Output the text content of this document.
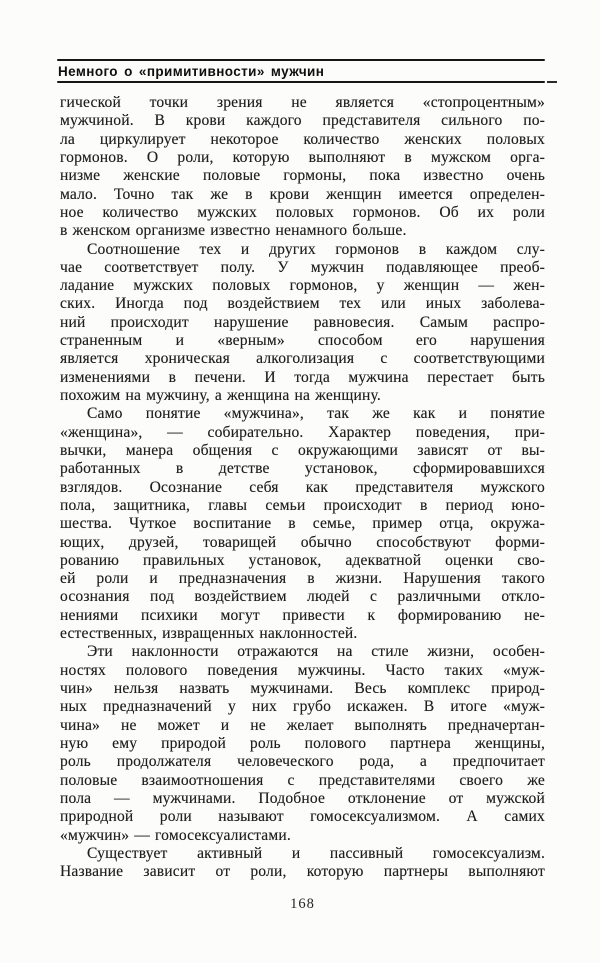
Немного о «примитивности» мужчин
гической точки зрения не является «стопроцентным»
мужчиной. В крови каждого представителя сильного по-
ла циркулирует некоторое количество женских половых
гормонов. О роли, которую выполняют в мужском орга-
низме женские половые гормоны, пока известно очень
мало. Точно так же в крови женщин имеется определен-
ное количество мужских половых гормонов. Об их роли
в женском организме известно ненамного больше.
Соотношение тех и других гормонов в каждом слу-
чае соответствует полу. У мужчин подавляющее преоб-
ладание мужских половых гормонов, у женщин — жен-
ских. Иногда под воздействием тех или иных заболева-
ний происходит нарушение равновесия. Самым распро-
страненным и «верным» способом его нарушения
является хроническая алкоголизация с соответствующими
изменениями в печени. И тогда мужчина перестает быть
похожим на мужчину, а женщина на женщину.
Само понятие «мужчина», так же как и понятие
«женщина», — собирательно. Характер поведения, при-
вычки, манера общения с окружающими зависят от вы-
работанных в детстве установок, сформировавшихся
взглядов. Осознание себя как представителя мужского
пола, защитника, главы семьи происходит в период юно-
шества. Чуткое воспитание в семье, пример отца, окружа-
ющих, друзей, товарищей обычно способствуют форми-
рованию правильных установок, адекватной оценки сво-
ей роли и предназначения в жизни. Нарушения такого
осознания под воздействием людей с различными откло-
нениями психики могут привести к формированию не-
естественных, извращенных наклонностей.
Эти наклонности отражаются на стиле жизни, особен-
ностях полового поведения мужчины. Часто таких «муж-
чин» нельзя назвать мужчинами. Весь комплекс природ-
ных предназначений у них грубо искажен. В итоге «муж-
чина» не может и не желает выполнять предначертан-
ную ему природой роль полового партнера женщины,
роль продолжателя человеческого рода, а предпочитает
половые взаимоотношения с представителями своего же
пола — мужчинами. Подобное отклонение от мужской
природной роли называют гомосексуализмом. А самих
«мужчин» — гомосексуалистами.
Существует активный и пассивный гомосексуализм.
Название зависит от роли, которую партнеры выполняют
168
